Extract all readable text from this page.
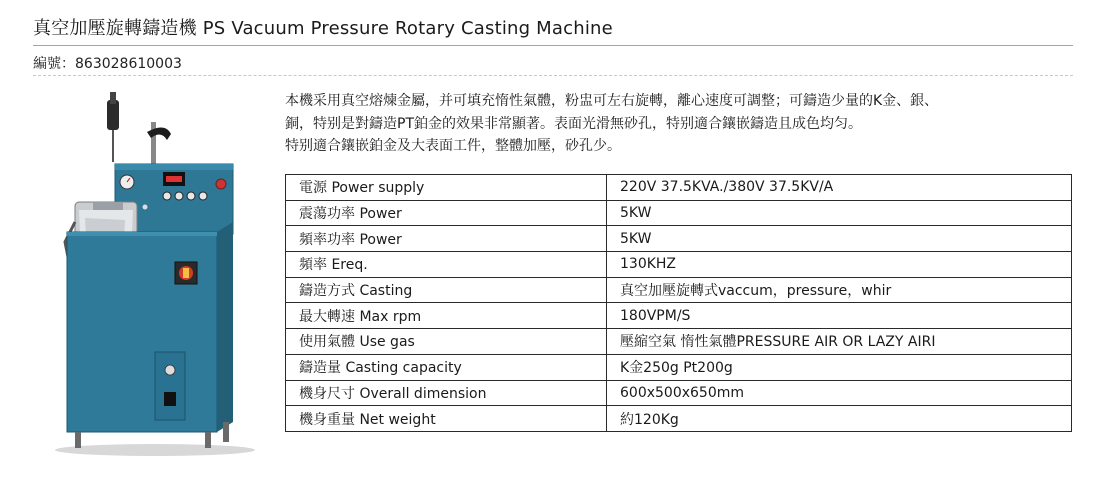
真空加壓旋轉鑄造機 PS Vacuum Pressure Rotary Casting Machine
編號：863028610003

本機采用真空熔煉金屬，并可填充惰性氣體，粉盅可左右旋轉，離心速度可調整；可鑄造少量的K金、銀、

銅，特别是對鑄造PT鉑金的效果非常顯著。表面光滑無砂孔，特别適合鑲嵌鑄造且成色均匀。

特别適合鑲嵌鉑金及大表面工件，整體加壓，砂孔少。

電源 Power supply	220V 37.5KVA./380V 37.5KV/A
震蕩功率 Power	5KW
頻率功率 Power	5KW
頻率 Ereq.	130KHZ
鑄造方式 Casting	真空加壓旋轉式vaccum，pressure，whir
最大轉速 Max rpm	180VPM/S
使用氣體 Use gas	壓縮空氣 惰性氣體PRESSURE AIR OR LAZY AIRI
鑄造量 Casting capacity	K金250g Pt200g
機身尺寸 Overall dimension	600x500x650mm
機身重量 Net weight	約120Kg
